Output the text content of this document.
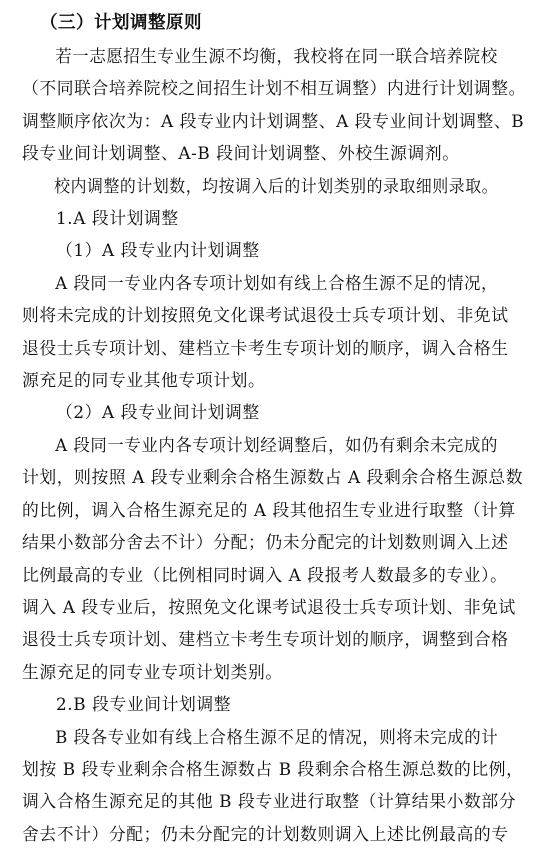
（三）计划调整原则

若一志愿招生专业生源不均衡，我校将在同一联合培养院校
（不同联合培养院校之间招生计划不相互调整）内进行计划调整。
调整顺序依次为：A 段专业内计划调整、A 段专业间计划调整、B
段专业间计划调整、A-B 段间计划调整、外校生源调剂。

校内调整的计划数，均按调入后的计划类别的录取细则录取。

1.A 段计划调整

（1）A 段专业内计划调整

A 段同一专业内各专项计划如有线上合格生源不足的情况，
则将未完成的计划按照免文化课考试退役士兵专项计划、非免试
退役士兵专项计划、建档立卡考生专项计划的顺序，调入合格生
源充足的同专业其他专项计划。

（2）A 段专业间计划调整

A 段同一专业内各专项计划经调整后，如仍有剩余未完成的
计划，则按照 A 段专业剩余合格生源数占 A 段剩余合格生源总数
的比例，调入合格生源充足的 A 段其他招生专业进行取整（计算
结果小数部分舍去不计）分配；仍未分配完的计划数则调入上述
比例最高的专业（比例相同时调入 A 段报考人数最多的专业）。
调入 A 段专业后，按照免文化课考试退役士兵专项计划、非免试
退役士兵专项计划、建档立卡考生专项计划的顺序，调整到合格
生源充足的同专业专项计划类别。

2.B 段专业间计划调整

B 段各专业如有线上合格生源不足的情况，则将未完成的计
划按 B 段专业剩余合格生源数占 B 段剩余合格生源总数的比例，
调入合格生源充足的其他 B 段专业进行取整（计算结果小数部分
舍去不计）分配；仍未分配完的计划数则调入上述比例最高的专
